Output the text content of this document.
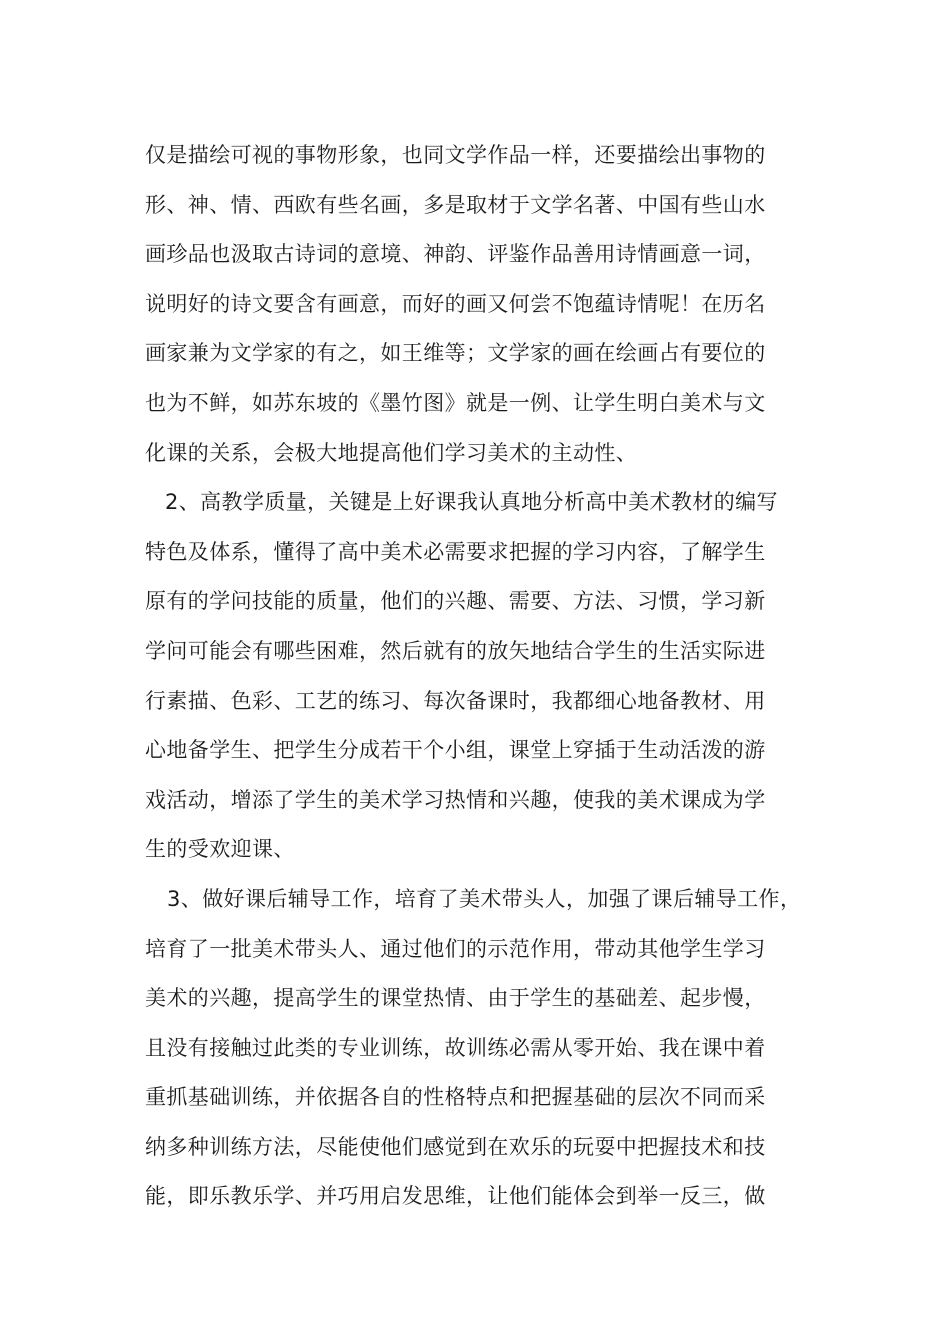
仅是描绘可视的事物形象，也同文学作品一样，还要描绘出事物的
形、神、情、西欧有些名画，多是取材于文学名著、中国有些山水
画珍品也汲取古诗词的意境、神韵、评鉴作品善用诗情画意一词，
说明好的诗文要含有画意，而好的画又何尝不饱蕴诗情呢！在历名
画家兼为文学家的有之，如王维等；文学家的画在绘画占有要位的
也为不鲜，如苏东坡的《墨竹图》就是一例、让学生明白美术与文
化课的关系，会极大地提高他们学习美术的主动性、
2、高教学质量，关键是上好课我认真地分析高中美术教材的编写
特色及体系，懂得了高中美术必需要求把握的学习内容，了解学生
原有的学问技能的质量，他们的兴趣、需要、方法、习惯，学习新
学问可能会有哪些困难，然后就有的放矢地结合学生的生活实际进
行素描、色彩、工艺的练习、每次备课时，我都细心地备教材、用
心地备学生、把学生分成若干个小组，课堂上穿插于生动活泼的游
戏活动，增添了学生的美术学习热情和兴趣，使我的美术课成为学
生的受欢迎课、
3、做好课后辅导工作，培育了美术带头人，加强了课后辅导工作，
培育了一批美术带头人、通过他们的示范作用，带动其他学生学习
美术的兴趣，提高学生的课堂热情、由于学生的基础差、起步慢，
且没有接触过此类的专业训练，故训练必需从零开始、我在课中着
重抓基础训练，并依据各自的性格特点和把握基础的层次不同而采
纳多种训练方法，尽能使他们感觉到在欢乐的玩耍中把握技术和技
能，即乐教乐学、并巧用启发思维，让他们能体会到举一反三，做
